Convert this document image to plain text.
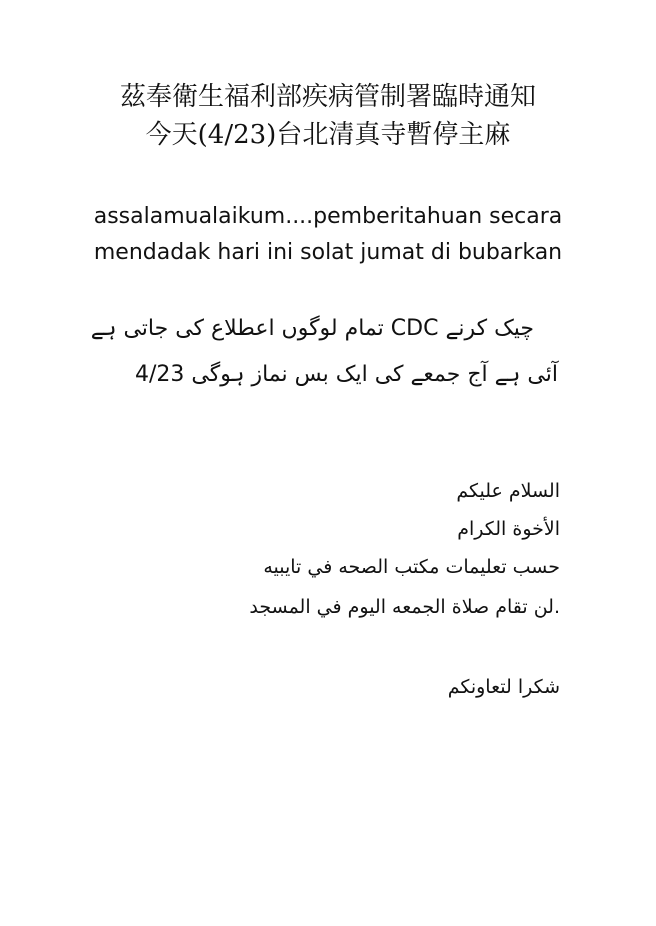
茲奉衛生福利部疾病管制署臨時通知
今天(4/23)台北清真寺暫停主麻
assalamualaikum....pemberitahuan secara
mendadak hari ini solat jumat di bubarkan
چیک کرنے CDC تمام لوگوں اعطلاع کی جاتی ہے
آئی ہے آج جمعے کی ایک بس نماز ہوگی 4/23
السلام عليكم
الأخوة الكرام
حسب تعليمات مكتب الصحه في تايبيه
.لن تقام صلاة الجمعه اليوم في المسجد
شكرا لتعاونكم
